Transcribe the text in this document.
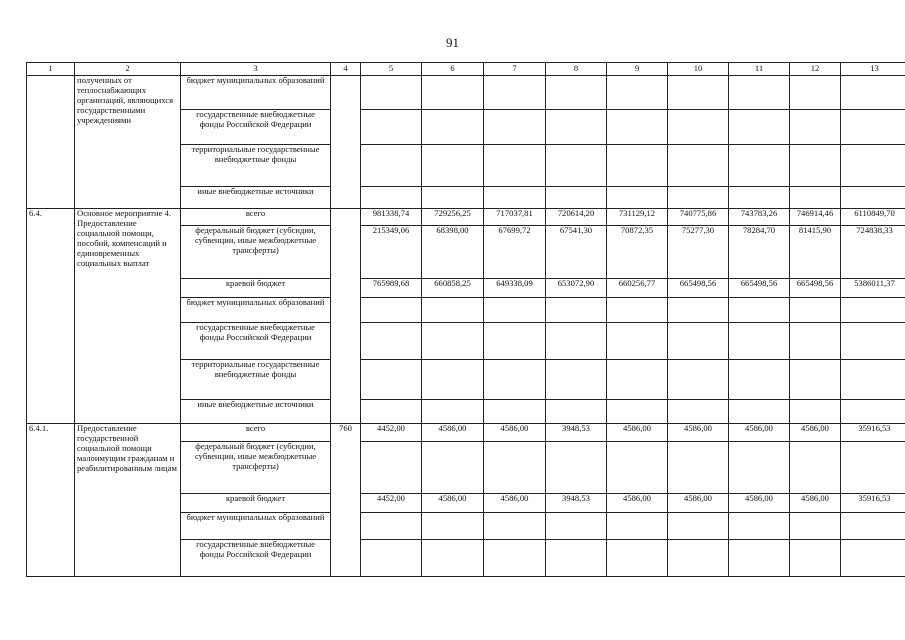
91
1	2	3	4	5	6	7	8	9	10	11	12	13
	полученных от теплоснабжающих организаций, являющихся государственными учреждениями	бюджет муниципальных образований										
		государственные внебюджетные фонды Российской Федерации										
		территориальные государственные внебюджетные фонды										
		иные внебюджетные источники										
6.4.	Основное мероприятие 4. Предоставление социальной помощи, пособий, компенсаций и единовременных социальных выплат	всего		981338,74	729256,25	717037,81	720614,20	731129,12	740775,86	743783,26	746914,46	6110849,70
		федеральный бюджет (субсидии, субвенции, иные межбюджетные трансферты)		215349,06	68398,00	67699,72	67541,30	70872,35	75277,30	78284,70	81415,90	724838,33
		краевой бюджет		765989,68	660858,25	649338,09	653072,90	660256,77	665498,56	665498,56	665498,56	5386011,37
		бюджет муниципальных образований										
		государственные внебюджетные фонды Российской Федерации										
		территориальные государственные внебюджетные фонды										
		иные внебюджетные источники										
6.4.1.	Предоставление государственной социальной помощи малоимущим гражданам и реабилитированным лицам	всего	760	4452,00	4586,00	4586,00	3948,53	4586,00	4586,00	4586,00	4586,00	35916,53
		федеральный бюджет (субсидии, субвенции, иные межбюджетные трансферты)										
		краевой бюджет		4452,00	4586,00	4586,00	3948,53	4586,00	4586,00	4586,00	4586,00	35916,53
		бюджет муниципальных образований										
		государственные внебюджетные фонды Российской Федерации										
